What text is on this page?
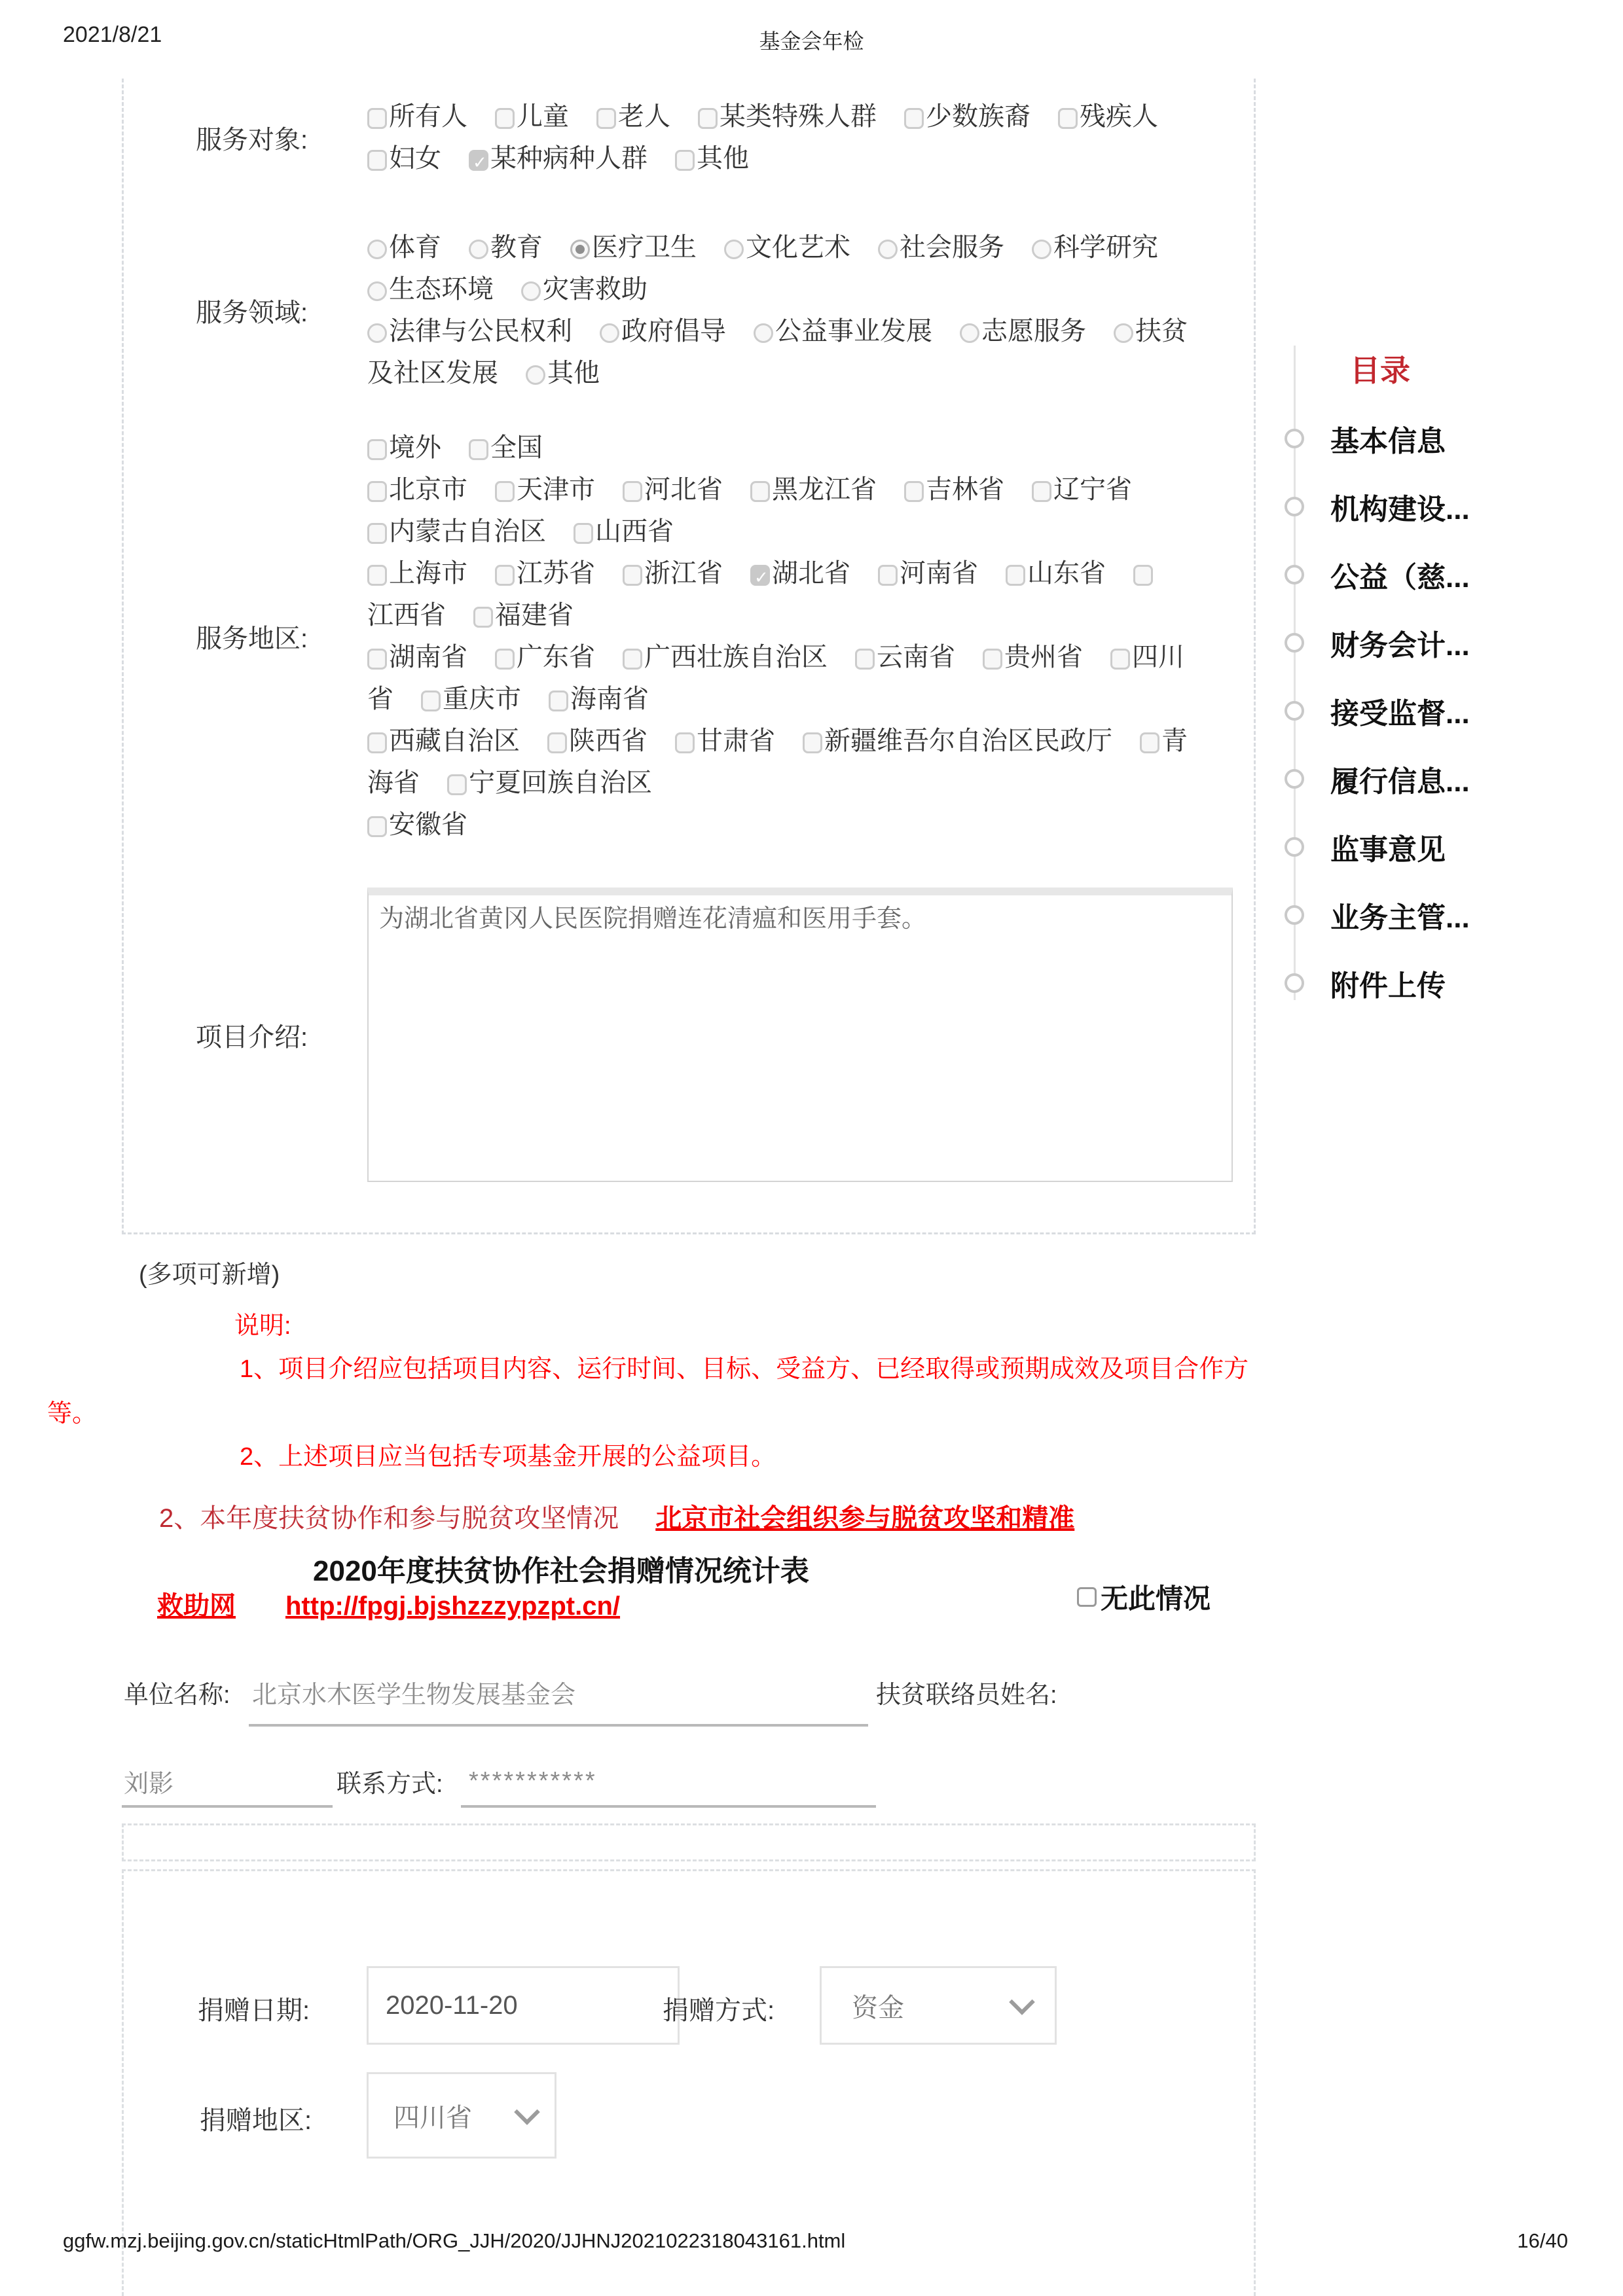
2021/8/21	基金会年检
服务对象:
所有人 儿童 老人 某类特殊人群 少数族裔 残疾人
妇女 ✓ 某种病种人群 其他
服务领域:
体育 教育 医疗卫生 文化艺术 社会服务 科学研究
生态环境 灾害救助
法律与公民权利 政府倡导 公益事业发展 志愿服务 扶贫
及社区发展 其他
服务地区:
境外 全国
北京市 天津市 河北省 黑龙江省 吉林省 辽宁省
内蒙古自治区 山西省
上海市 江苏省 浙江省 ✓ 湖北省 河南省 山东省
江西省 福建省
湖南省 广东省 广西壮族自治区 云南省 贵州省 四川
省 重庆市 海南省
西藏自治区 陕西省 甘肃省 新疆维吾尔自治区民政厅 青
海省 宁夏回族自治区
安徽省
项目介绍:
为湖北省黄冈人民医院捐赠连花清瘟和医用手套。
(多项可新增)
说明:
1、项目介绍应包括项目内容、运行时间、目标、受益方、已经取得或预期成效及项目合作方
等。
2、上述项目应当包括专项基金开展的公益项目。
2、本年度扶贫协作和参与脱贫攻坚情况 北京市社会组织参与脱贫攻坚和精准
2020年度扶贫协作社会捐赠情况统计表
救助网 http://fpgj.bjshzzzypzpt.cn/	无此情况
单位名称: 北京水木医学生物发展基金会	扶贫联络员姓名:
刘影	联系方式: ***********
捐赠日期:	2020-11-20	捐赠方式:	资金
捐赠地区:	四川省
目录
基本信息
机构建设...
公益（慈...
财务会计...
接受监督...
履行信息...
监事意见
业务主管...
附件上传
ggfw.mzj.beijing.gov.cn/staticHtmlPath/ORG_JJH/2020/JJHNJ2021022318043161.html	16/40
